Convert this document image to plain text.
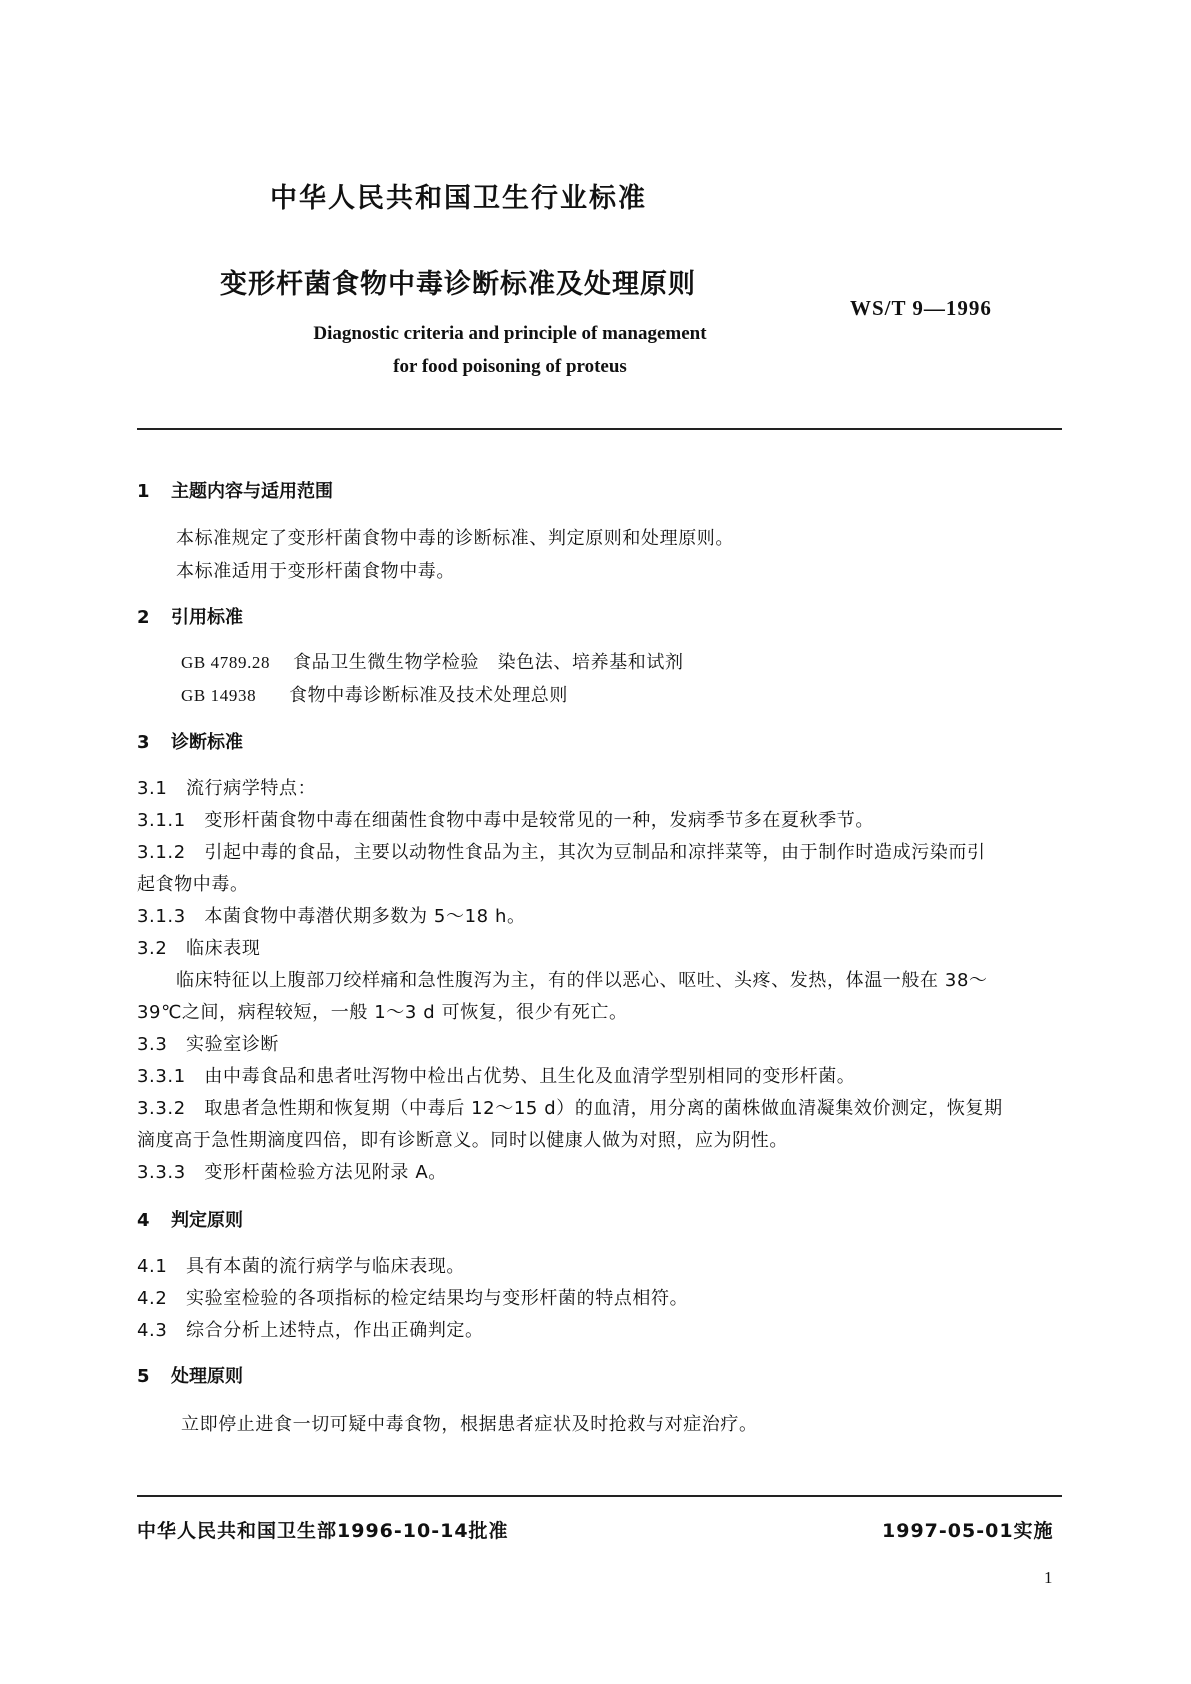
中华人民共和国卫生行业标准
变形杆菌食物中毒诊断标准及处理原则
WS/T 9—1996
Diagnostic criteria and principle of management
for food poisoning of proteus
1 主题内容与适用范围
本标准规定了变形杆菌食物中毒的诊断标准、判定原则和处理原则。
本标准适用于变形杆菌食物中毒。
2 引用标准
GB 4789.28 食品卫生微生物学检验　染色法、培养基和试剂
GB 14938 食物中毒诊断标准及技术处理总则
3 诊断标准
3.1　流行病学特点：
3.1.1　变形杆菌食物中毒在细菌性食物中毒中是较常见的一种，发病季节多在夏秋季节。
3.1.2　引起中毒的食品，主要以动物性食品为主，其次为豆制品和凉拌菜等，由于制作时造成污染而引
起食物中毒。
3.1.3　本菌食物中毒潜伏期多数为 5～18 h。
3.2　临床表现
临床特征以上腹部刀绞样痛和急性腹泻为主，有的伴以恶心、呕吐、头疼、发热，体温一般在 38～
39℃之间，病程较短，一般 1～3 d 可恢复，很少有死亡。
3.3　实验室诊断
3.3.1　由中毒食品和患者吐泻物中检出占优势、且生化及血清学型别相同的变形杆菌。
3.3.2　取患者急性期和恢复期（中毒后 12～15 d）的血清，用分离的菌株做血清凝集效价测定，恢复期
滴度高于急性期滴度四倍，即有诊断意义。同时以健康人做为对照，应为阴性。
3.3.3　变形杆菌检验方法见附录 A。
4 判定原则
4.1　具有本菌的流行病学与临床表现。
4.2　实验室检验的各项指标的检定结果均与变形杆菌的特点相符。
4.3　综合分析上述特点，作出正确判定。
5 处理原则
立即停止进食一切可疑中毒食物，根据患者症状及时抢救与对症治疗。
中华人民共和国卫生部1996-10-14批准	1997-05-01实施
1
